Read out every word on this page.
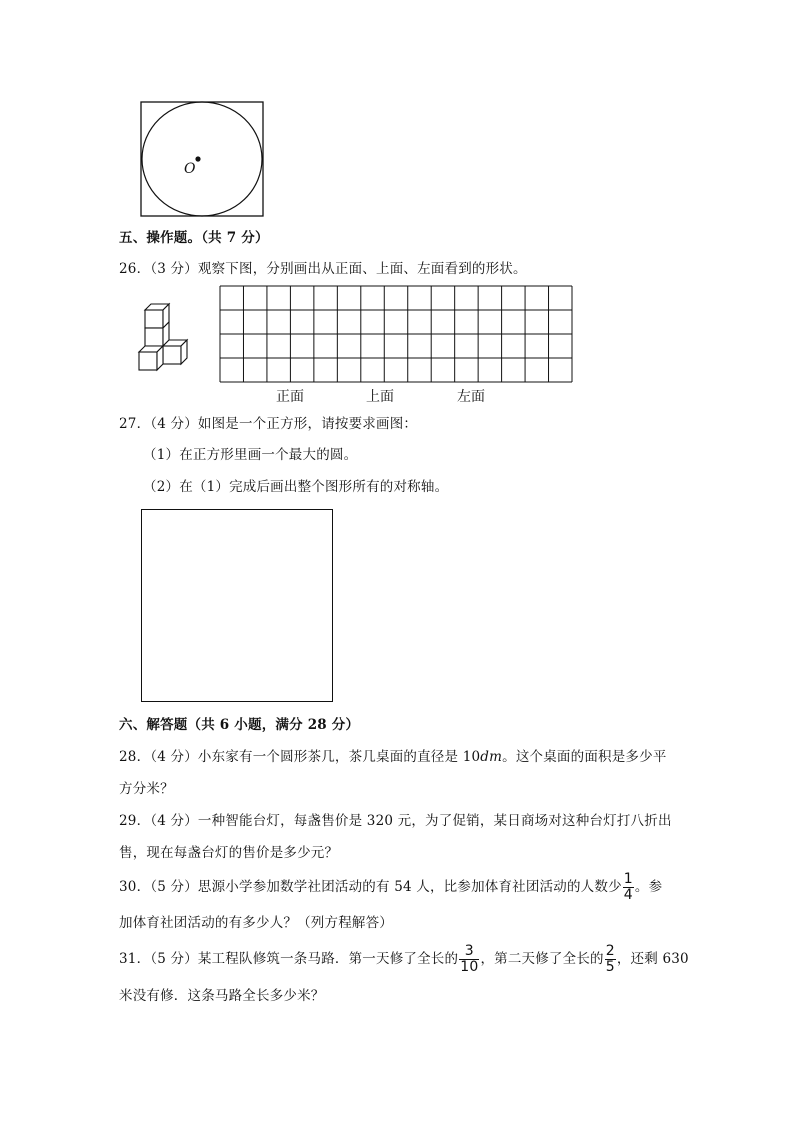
O
五、操作题。（共 7 分）
26．（3 分）观察下图，分别画出从正面、上面、左面看到的形状。
正面	上面	左面
27．（4 分）如图是一个正方形，请按要求画图：
（1）在正方形里画一个最大的圆。
（2）在（1）完成后画出整个图形所有的对称轴。
六、解答题（共 6 小题，满分 28 分）
28．（4 分）小东家有一个圆形茶几，茶几桌面的直径是 10dm。这个桌面的面积是多少平
方分米？
29．（4 分）一种智能台灯，每盏售价是 320 元，为了促销，某日商场对这种台灯打八折出
售，现在每盏台灯的售价是多少元？
30．（5 分）思源小学参加数学社团活动的有 54 人，比参加体育社团活动的人数少 $\frac{1}{4}$ 。参
加体育社团活动的有多少人？（列方程解答）
31．（5 分）某工程队修筑一条马路．第一天修了全长的 $\frac{3}{10}$ ，第二天修了全长的 $\frac{2}{5}$ ，还剩 630
米没有修．这条马路全长多少米？
